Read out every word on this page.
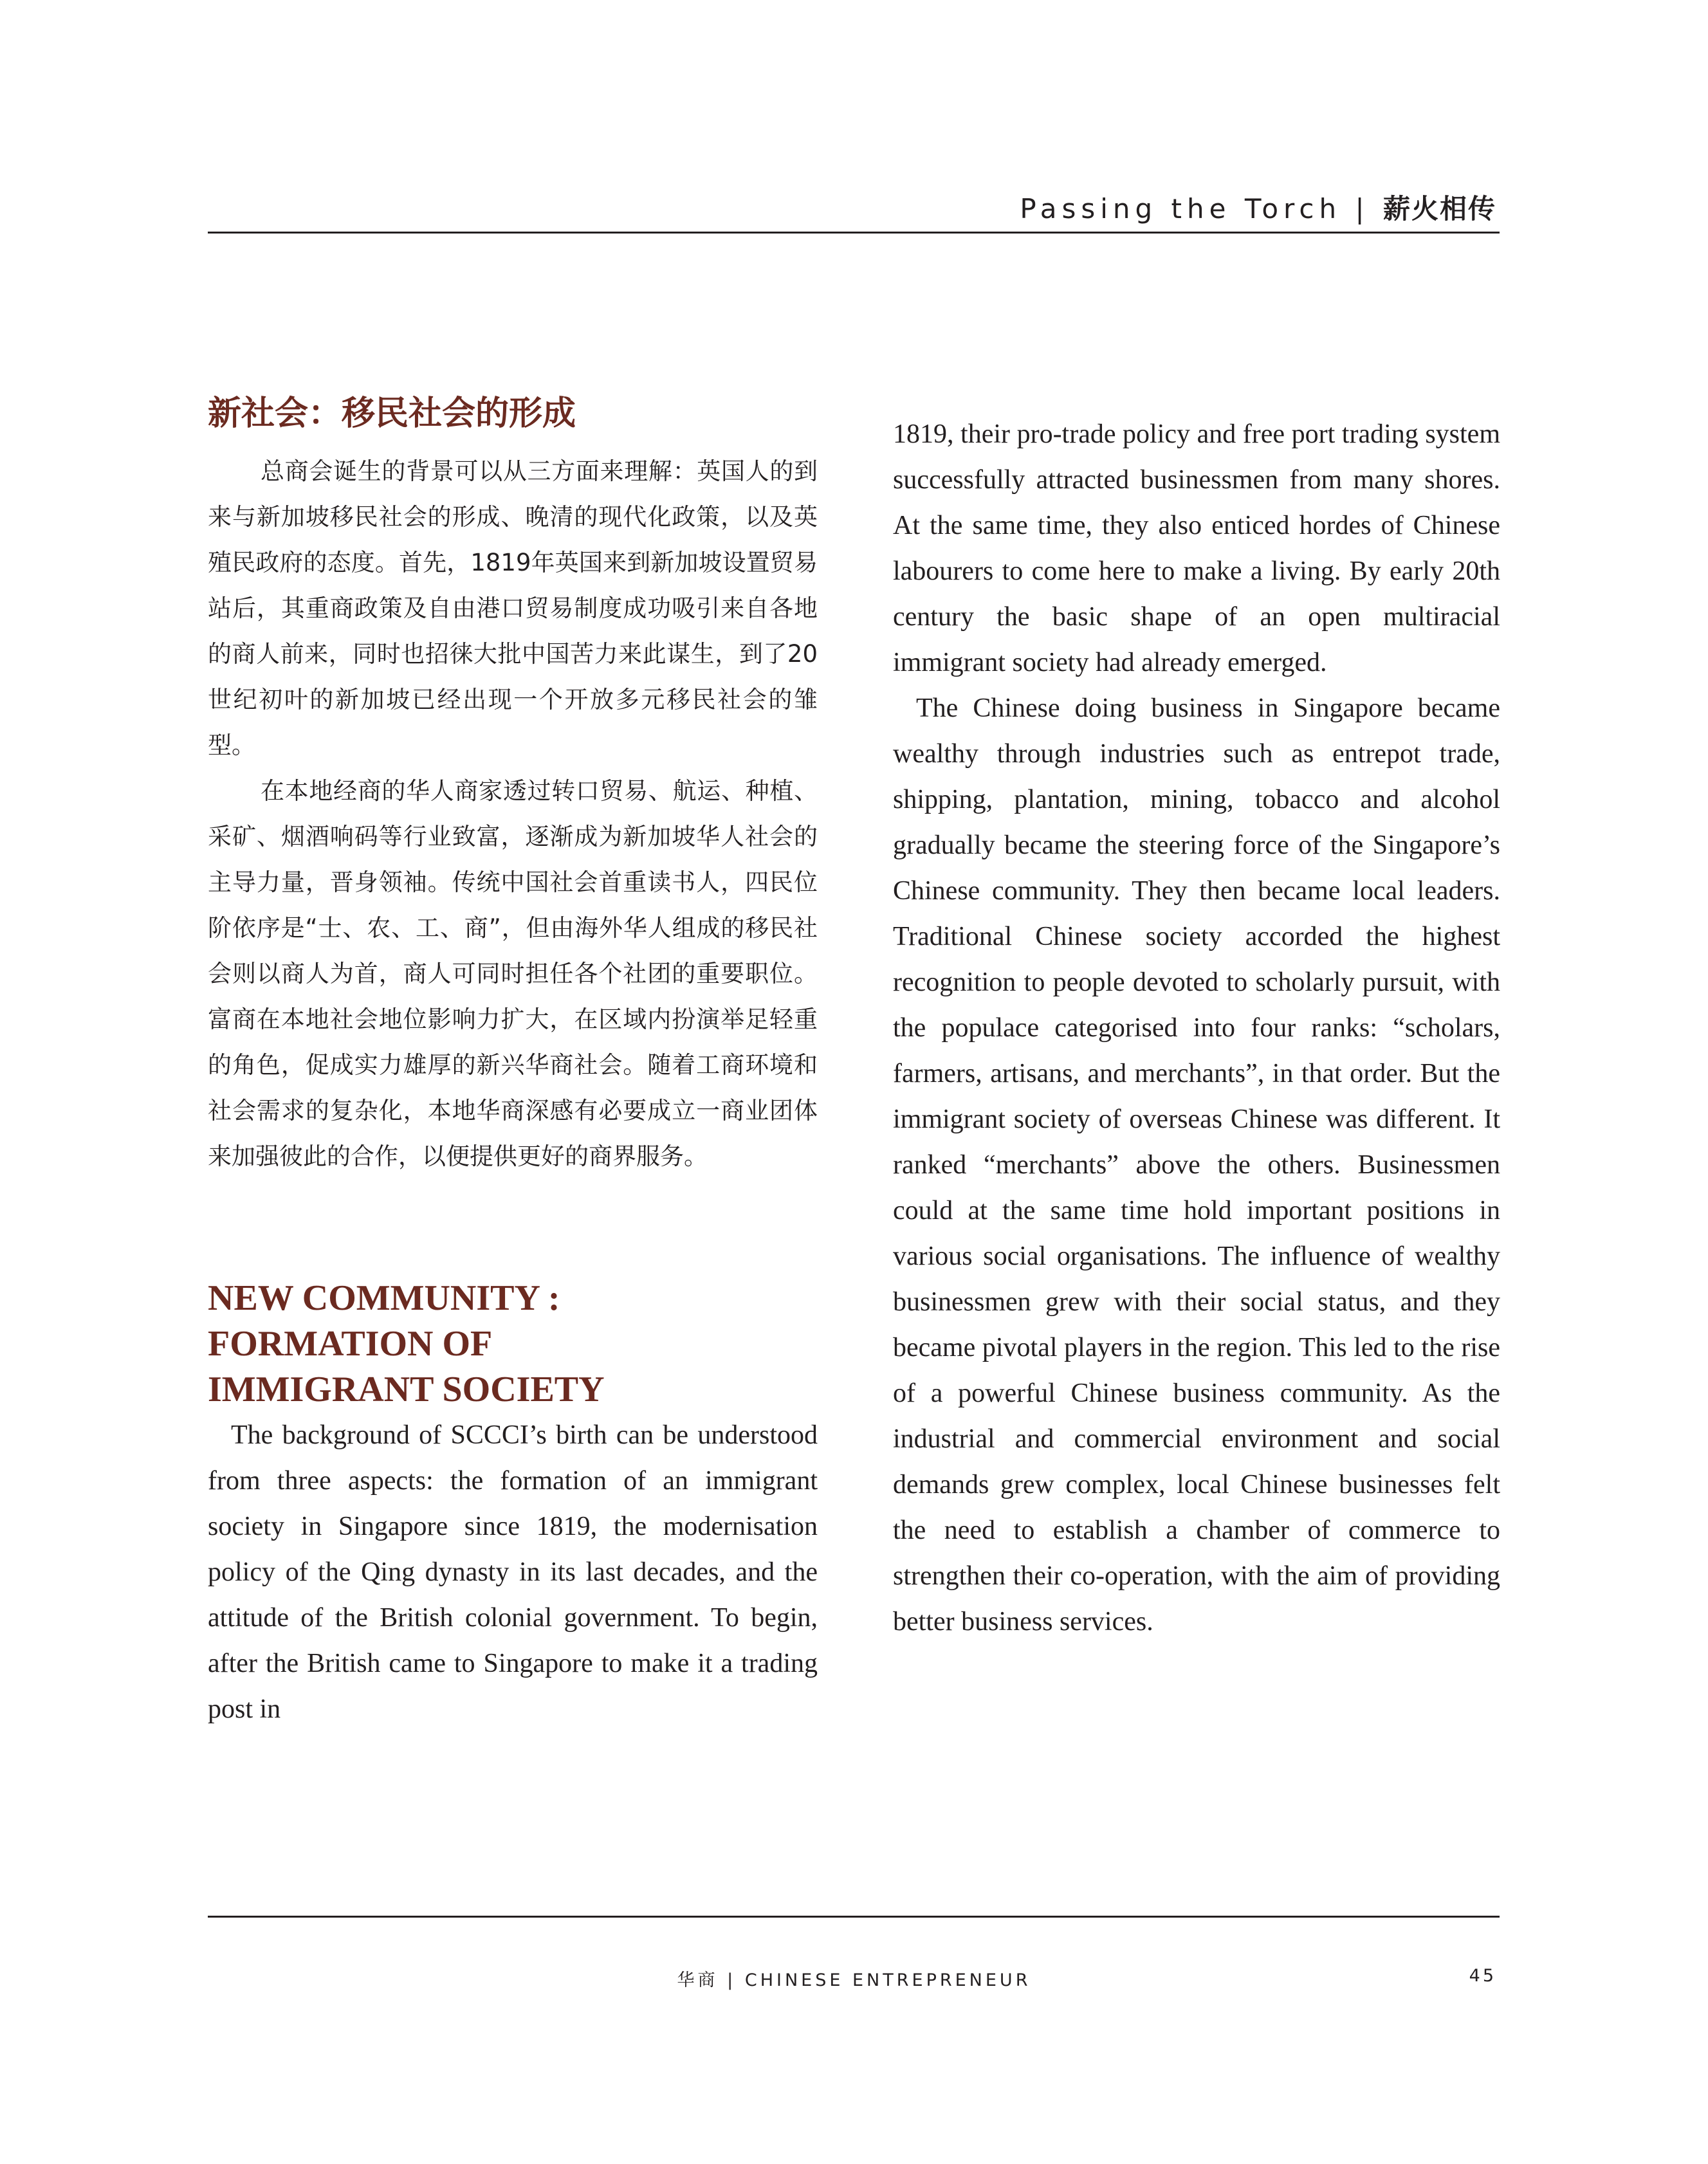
Passing the Torch | 薪火相传
新社会：移民社会的形成

总商会诞生的背景可以从三方面来理解：英国人的到来与新加坡移民社会的形成、晚清的现代化政策，以及英殖民政府的态度。首先，1819年英国来到新加坡设置贸易站后，其重商政策及自由港口贸易制度成功吸引来自各地的商人前来，同时也招徕大批中国苦力来此谋生，到了20世纪初叶的新加坡已经出现一个开放多元移民社会的雏型。

在本地经商的华人商家透过转口贸易、航运、种植、采矿、烟酒响码等行业致富，逐渐成为新加坡华人社会的主导力量，晋身领袖。传统中国社会首重读书人，四民位阶依序是“士、农、工、商”，但由海外华人组成的移民社会则以商人为首，商人可同时担任各个社团的重要职位。富商在本地社会地位影响力扩大，在区域内扮演举足轻重的角色，促成实力雄厚的新兴华商社会。随着工商环境和社会需求的复杂化，本地华商深感有必要成立一商业团体来加强彼此的合作，以便提供更好的商界服务。

NEW COMMUNITY :
FORMATION OF
IMMIGRANT SOCIETY

The background of SCCCI’s birth can be understood from three aspects: the formation of an immigrant society in Singapore since 1819, the modernisation policy of the Qing dynasty in its last decades, and the attitude of the British colonial government. To begin, after the British came to Singapore to make it a trading post in

1819, their pro-trade policy and free port trading system successfully attracted businessmen from many shores. At the same time, they also enticed hordes of Chinese labourers to come here to make a living. By early 20th century the basic shape of an open multiracial immigrant society had already emerged.

The Chinese doing business in Singapore became wealthy through industries such as entrepot trade, shipping, plantation, mining, tobacco and alcohol gradually became the steering force of the Singapore’s Chinese community. They then became local leaders. Traditional Chinese society accorded the highest recognition to people devoted to scholarly pursuit, with the populace categorised into four ranks: “scholars, farmers, artisans, and merchants”, in that order. But the immigrant society of overseas Chinese was different. It ranked “merchants” above the others. Businessmen could at the same time hold important positions in various social organisations. The influence of wealthy businessmen grew with their social status, and they became pivotal players in the region. This led to the rise of a powerful Chinese business community. As the industrial and commercial environment and social demands grew complex, local Chinese businesses felt the need to establish a chamber of commerce to strengthen their co-operation, with the aim of providing better business services.

华商 | CHINESE ENTREPRENEUR	45
